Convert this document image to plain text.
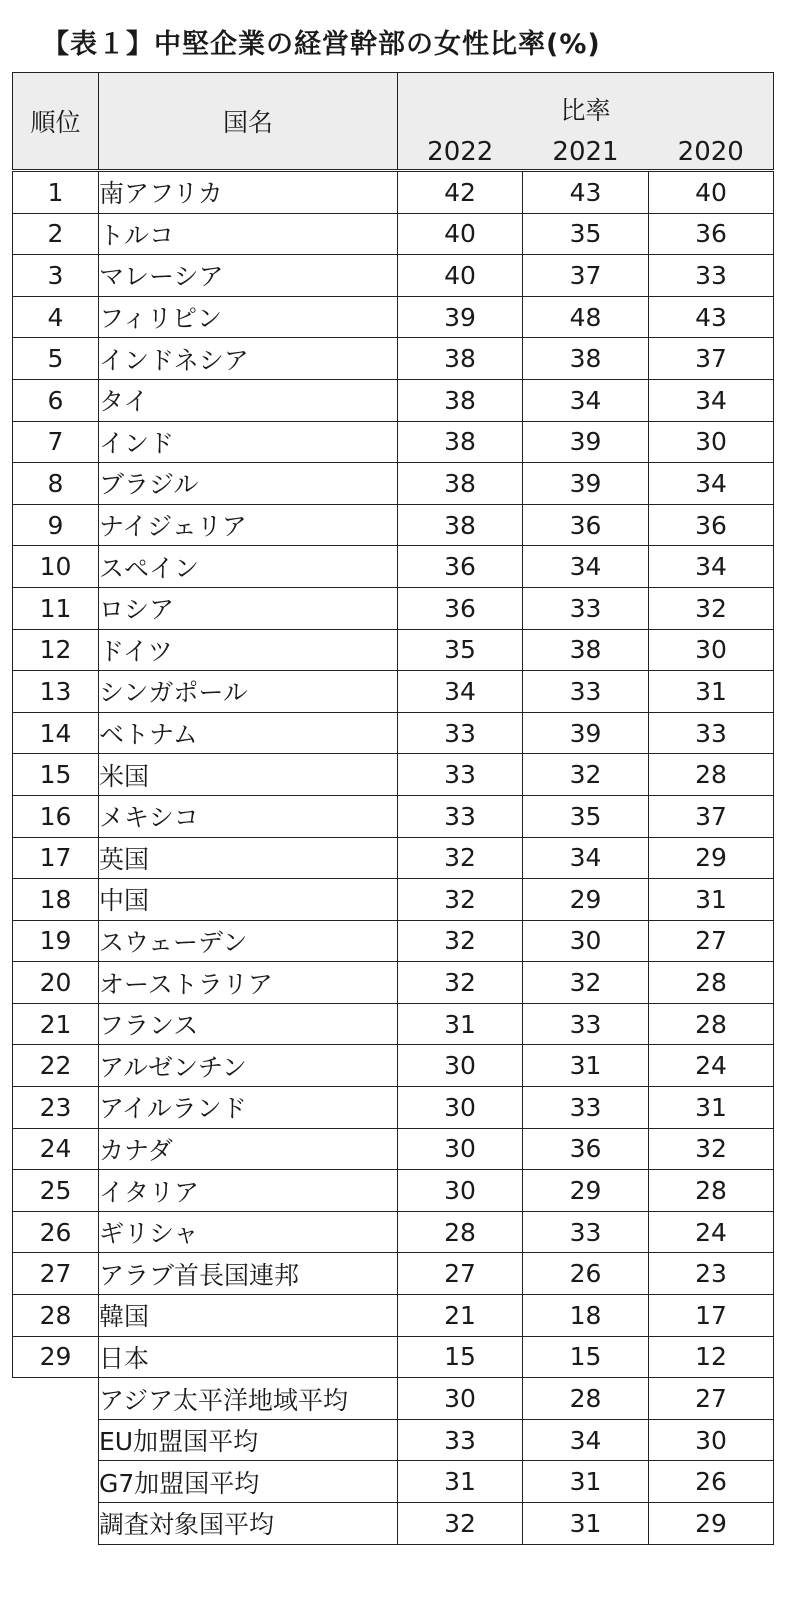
【表１】中堅企業の経営幹部の女性比率(%)
順位	国名	比率		
		2022	2021	2020
1	南アフリカ	42	43	40
2	トルコ	40	35	36
3	マレーシア	40	37	33
4	フィリピン	39	48	43
5	インドネシア	38	38	37
6	タイ	38	34	34
7	インド	38	39	30
8	ブラジル	38	39	34
9	ナイジェリア	38	36	36
10	スペイン	36	34	34
11	ロシア	36	33	32
12	ドイツ	35	38	30
13	シンガポール	34	33	31
14	ベトナム	33	39	33
15	米国	33	32	28
16	メキシコ	33	35	37
17	英国	32	34	29
18	中国	32	29	31
19	スウェーデン	32	30	27
20	オーストラリア	32	32	28
21	フランス	31	33	28
22	アルゼンチン	30	31	24
23	アイルランド	30	33	31
24	カナダ	30	36	32
25	イタリア	30	29	28
26	ギリシャ	28	33	24
27	アラブ首長国連邦	27	26	23
28	韓国	21	18	17
29	日本	15	15	12
	アジア太平洋地域平均	30	28	27
	EU加盟国平均	33	34	30
	G7加盟国平均	31	31	26
	調査対象国平均	32	31	29
